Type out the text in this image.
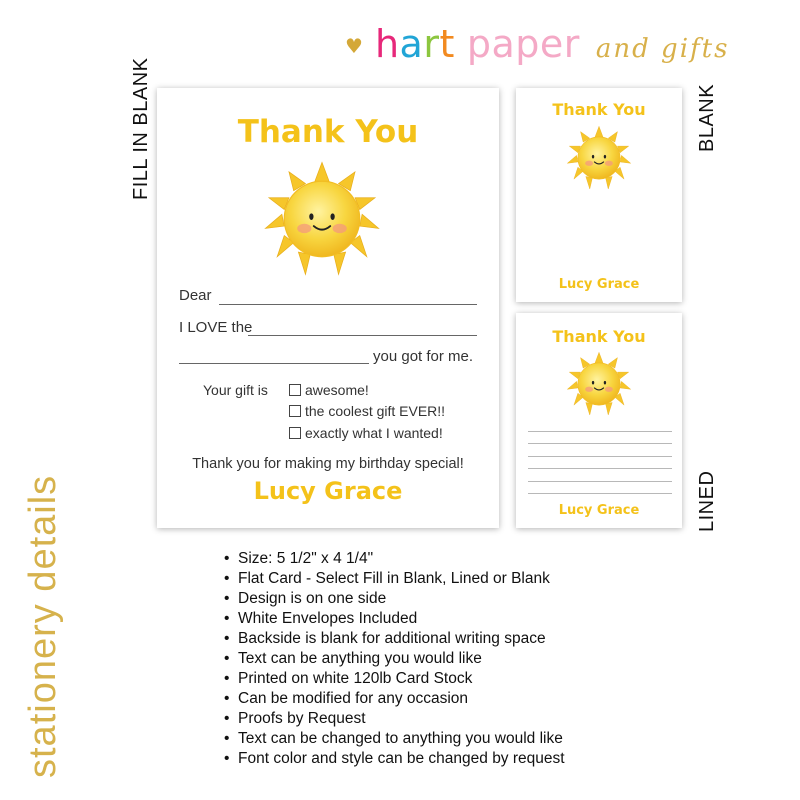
♥ hart paper and gifts
FILL IN BLANK	BLANK
LINED
stationery details
Thank You
Dear
I LOVE the
you got for me.
Your gift is	awesome!
the coolest gift EVER!!
exactly what I wanted!
Thank you for making my birthday special!
Lucy Grace
Thank You
Lucy Grace
Thank You
Lucy Grace
• Size: 5 1/2" x 4 1/4"
• Flat Card - Select Fill in Blank, Lined or Blank
• Design is on one side
• White Envelopes Included
• Backside is blank for additional writing space
• Text can be anything you would like
• Printed on white 120lb Card Stock
• Can be modified for any occasion
• Proofs by Request
• Text can be changed to anything you would like
• Font color and style can be changed by request
